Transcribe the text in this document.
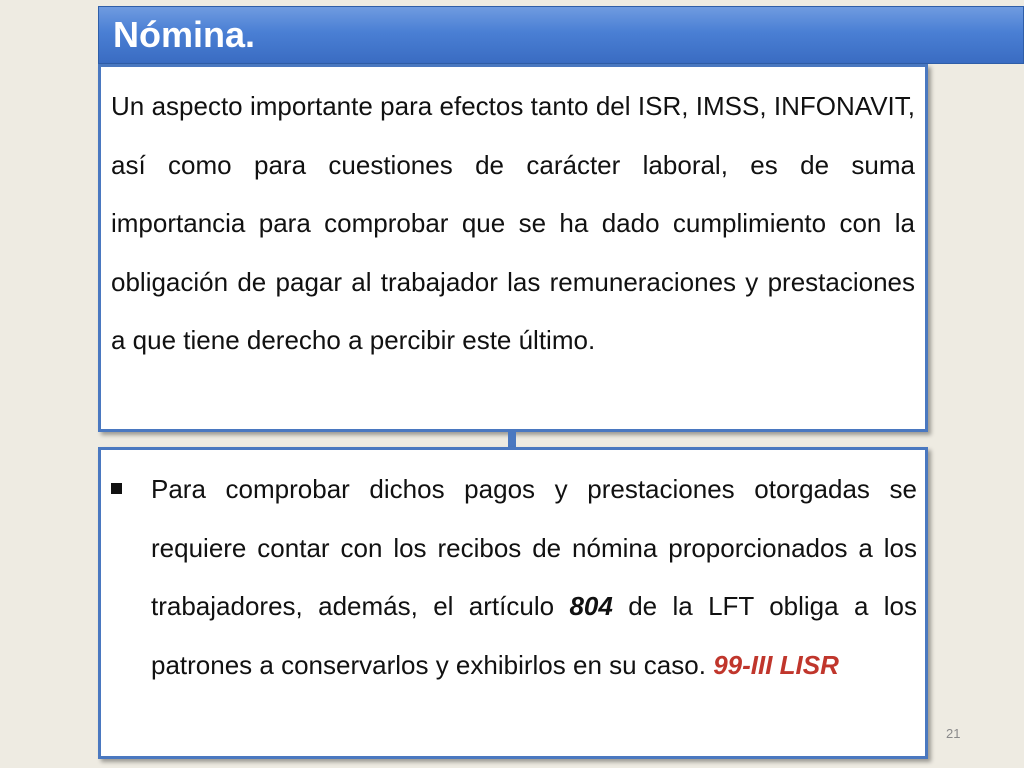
Nómina.
Un aspecto importante para efectos tanto del ISR, IMSS, INFONAVIT, así como para cuestiones de carácter laboral, es de suma importancia para comprobar que se ha dado cumplimiento con la obligación de pagar al trabajador las remuneraciones y prestaciones a que tiene derecho a percibir este último.
Para comprobar dichos pagos y prestaciones otorgadas se requiere contar con los recibos de nómina proporcionados a los trabajadores, además, el artículo 804 de la LFT obliga a los patrones a conservarlos y exhibirlos en su caso. 99-III LISR
21
